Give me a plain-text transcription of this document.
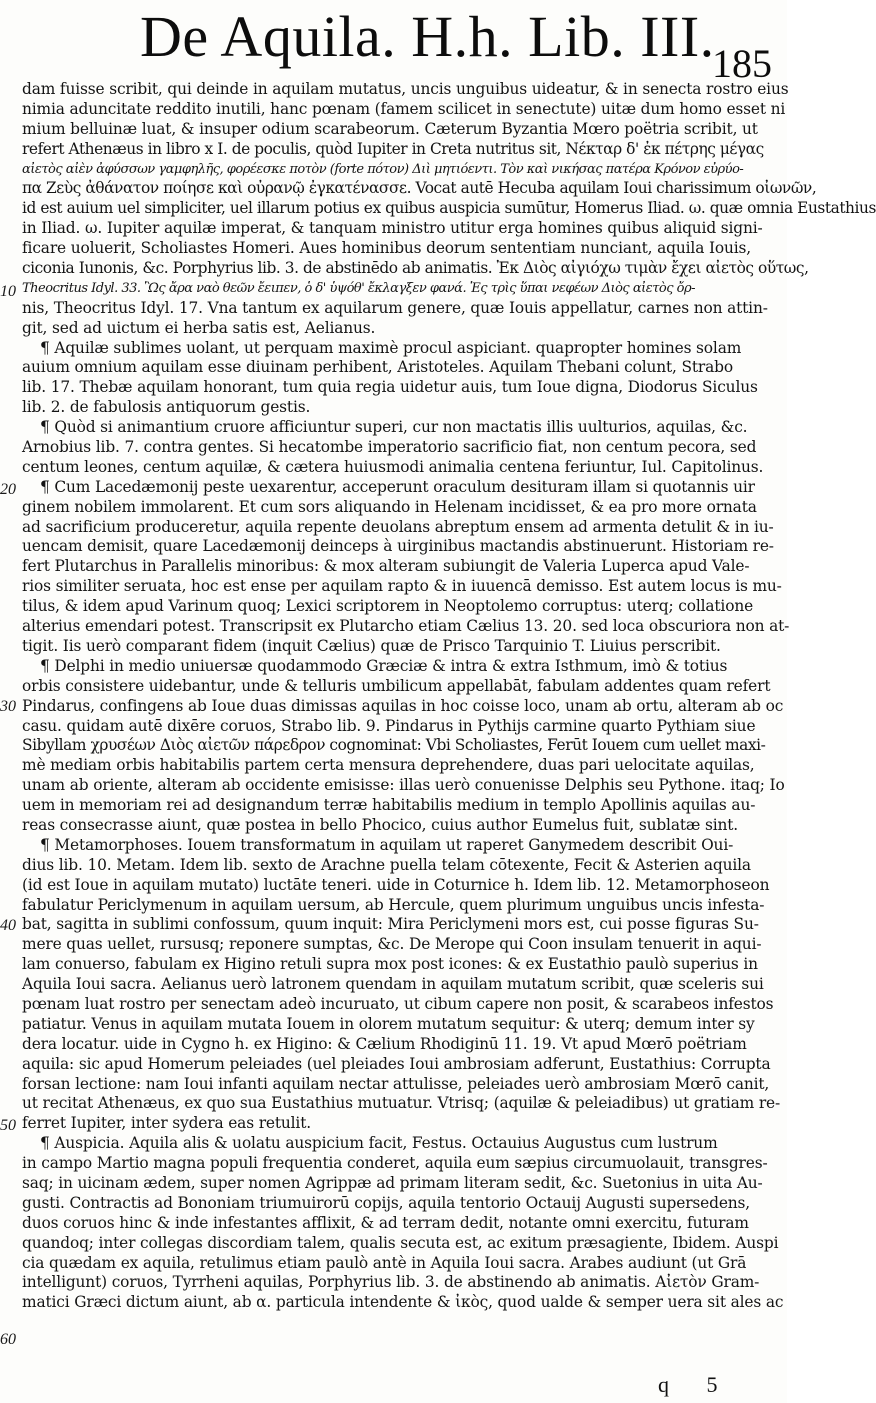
De Aquila. H.h. Lib. III.
185
10
20
30
40
50
60
dam fuisse scribit, qui deinde in aquilam mutatus, uncis unguibus uideatur, & in senecta rostro eius
nimia aduncitate reddito inutili, hanc pœnam (famem scilicet in senectute) uitæ dum homo esset ni
mium belluinæ luat, & insuper odium scarabeorum. Cæterum Byzantia Mœro poëtria scribit, ut
refert Athenæus in libro x I. de poculis, quòd Iupiter in Creta nutritus sit, Νέκταρ δ' ἐκ πέτρης μέγας
αἰετὸς αἰὲν ἀφύσσων γαμφηλῆς, φορέεσκε ποτὸν (forte πότον) Διὶ μητιόεντι. Τὸν καὶ νικήσας πατέρα Κρόνον εὐρύο-
πα Ζεὺς ἀθάνατον ποίησε καὶ οὐρανῷ ἐγκατένασσε. Vocat autē Hecuba aquilam Ioui charissimum οἰωνῶν,
id est auium uel simpliciter, uel illarum potius ex quibus auspicia sumūtur, Homerus Iliad. ω. quæ omnia Eustathius
in Iliad. ω. Iupiter aquilæ imperat, & tanquam ministro utitur erga homines quibus aliquid signi-
ficare uoluerit, Scholiastes Homeri. Aues hominibus deorum sententiam nunciant, aquila Iouis,
ciconia Iunonis, &c. Porphyrius lib. 3. de abstinēdo ab animatis. Ἐκ Διὸς αἰγιόχω τιμὰν ἔχει αἰετὸς οὕτως,
Theocritus Idyl. 33. Ὣς ἄρα ναὸ θεῶν ἔειπεν, ὁ δ' ὑψόθ' ἔκλαγξεν φανά. Ἐς τρὶς ὕπαι νεφέων Διὸς αἰετὸς ὄρ-
nis, Theocritus Idyl. 17. Vna tantum ex aquilarum genere, quæ Iouis appellatur, carnes non attin-
git, sed ad uictum ei herba satis est, Aelianus.
¶ Aquilæ sublimes uolant, ut perquam maximè procul aspiciant. quapropter homines solam
auium omnium aquilam esse diuinam perhibent, Aristoteles. Aquilam Thebani colunt, Strabo
lib. 17. Thebæ aquilam honorant, tum quia regia uidetur auis, tum Ioue digna, Diodorus Siculus
lib. 2. de fabulosis antiquorum gestis.
¶ Quòd si animantium cruore afficiuntur superi, cur non mactatis illis uulturios, aquilas, &c.
Arnobius lib. 7. contra gentes. Si hecatombe imperatorio sacrificio fiat, non centum pecora, sed
centum leones, centum aquilæ, & cætera huiusmodi animalia centena feriuntur, Iul. Capitolinus.
¶ Cum Lacedæmonij peste uexarentur, acceperunt oraculum desituram illam si quotannis uir
ginem nobilem immolarent. Et cum sors aliquando in Helenam incidisset, & ea pro more ornata
ad sacrificium produceretur, aquila repente deuolans abreptum ensem ad armenta detulit & in iu-
uencam demisit, quare Lacedæmonij deinceps à uirginibus mactandis abstinuerunt. Historiam re-
fert Plutarchus in Parallelis minoribus: & mox alteram subiungit de Valeria Luperca apud Vale-
rios similiter seruata, hoc est ense per aquilam rapto & in iuuencā demisso. Est autem locus is mu-
tilus, & idem apud Varinum quoq; Lexici scriptorem in Neoptolemo corruptus: uterq; collatione
alterius emendari potest. Transcripsit ex Plutarcho etiam Cælius 13. 20. sed loca obscuriora non at-
tigit. Iis uerò comparant fidem (inquit Cælius) quæ de Prisco Tarquinio T. Liuius perscribit.
¶ Delphi in medio uniuersæ quodammodo Græciæ & intra & extra Isthmum, imò & totius
orbis consistere uidebantur, unde & telluris umbilicum appellabāt, fabulam addentes quam refert
Pindarus, confingens ab Ioue duas dimissas aquilas in hoc coisse loco, unam ab ortu, alteram ab oc
casu. quidam autē dixēre coruos, Strabo lib. 9. Pindarus in Pythijs carmine quarto Pythiam siue
Sibyllam χρυσέων Διὸς αἰετῶν πάρεδρον cognominat: Vbi Scholiastes, Ferūt Iouem cum uellet maxi-
mè mediam orbis habitabilis partem certa mensura deprehendere, duas pari uelocitate aquilas,
unam ab oriente, alteram ab occidente emisisse: illas uerò conuenisse Delphis seu Pythone. itaq; Io
uem in memoriam rei ad designandum terræ habitabilis medium in templo Apollinis aquilas au-
reas consecrasse aiunt, quæ postea in bello Phocico, cuius author Eumelus fuit, sublatæ sint.
¶ Metamorphoses. Iouem transformatum in aquilam ut raperet Ganymedem describit Oui-
dius lib. 10. Metam. Idem lib. sexto de Arachne puella telam cōtexente, Fecit & Asterien aquila
(id est Ioue in aquilam mutato) luctāte teneri. uide in Coturnice h. Idem lib. 12. Metamorphoseon
fabulatur Periclymenum in aquilam uersum, ab Hercule, quem plurimum unguibus uncis infesta-
bat, sagitta in sublimi confossum, quum inquit: Mira Periclymeni mors est, cui posse figuras Su-
mere quas uellet, rursusq; reponere sumptas, &c. De Merope qui Coon insulam tenuerit in aqui-
lam conuerso, fabulam ex Higino retuli supra mox post icones: & ex Eustathio paulò superius in
Aquila Ioui sacra. Aelianus uerò latronem quendam in aquilam mutatum scribit, quæ sceleris sui
pœnam luat rostro per senectam adeò incuruato, ut cibum capere non posit, & scarabeos infestos
patiatur. Venus in aquilam mutata Iouem in olorem mutatum sequitur: & uterq; demum inter sy
dera locatur. uide in Cygno h. ex Higino: & Cælium Rhodiginū 11. 19. Vt apud Mœrō poëtriam
aquila: sic apud Homerum peleiades (uel pleiades Ioui ambrosiam adferunt, Eustathius: Corrupta
forsan lectione: nam Ioui infanti aquilam nectar attulisse, peleiades uerò ambrosiam Mœrō canit,
ut recitat Athenæus, ex quo sua Eustathius mutuatur. Vtrisq; (aquilæ & peleiadibus) ut gratiam re-
ferret Iupiter, inter sydera eas retulit.
¶ Auspicia. Aquila alis & uolatu auspicium facit, Festus. Octauius Augustus cum lustrum
in campo Martio magna populi frequentia conderet, aquila eum sæpius circumuolauit, transgres-
saq; in uicinam ædem, super nomen Agrippæ ad primam literam sedit, &c. Suetonius in uita Au-
gusti. Contractis ad Bononiam triumuirorū copijs, aquila tentorio Octauij Augusti supersedens,
duos coruos hinc & inde infestantes afflixit, & ad terram dedit, notante omni exercitu, futuram
quandoq; inter collegas discordiam talem, qualis secuta est, ac exitum præsagiente, Ibidem. Auspi
cia quædam ex aquila, retulimus etiam paulò antè in Aquila Ioui sacra. Arabes audiunt (ut Grā
intelligunt) coruos, Tyrrheni aquilas, Porphyrius lib. 3. de abstinendo ab animatis. Αἰετὸν Gram-
matici Græci dictum aiunt, ab α. particula intendente & ἰκὸς, quod ualde & semper uera sit ales ac
q 5
